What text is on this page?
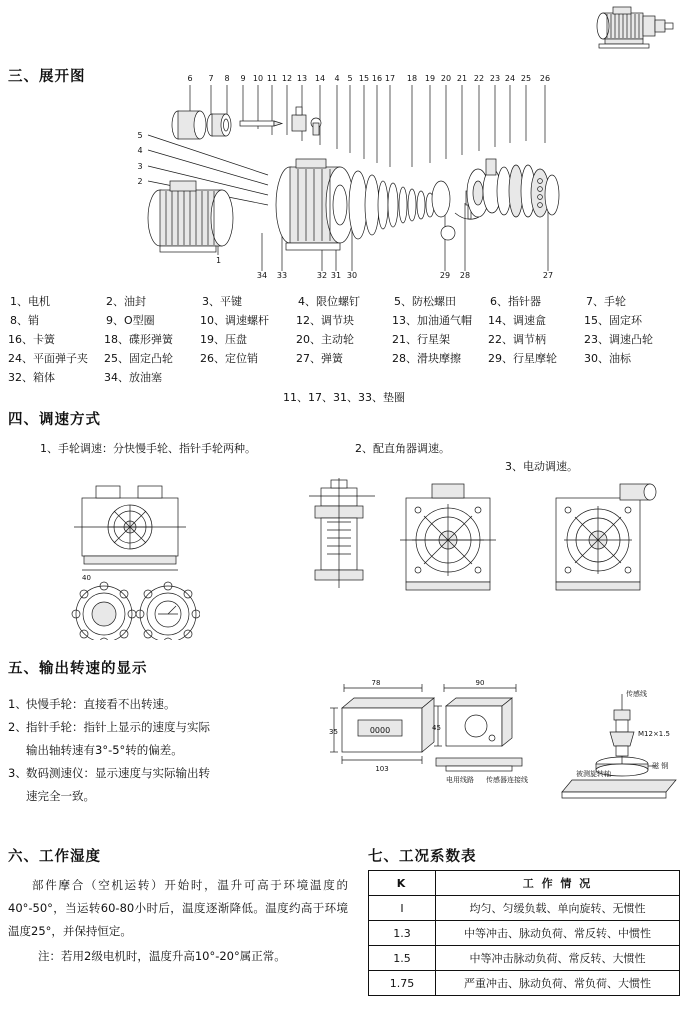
三、展开图	6 7 8 9 10 11 12 13 14 4 5 15 16 17 18 19 20 21 22 23 24 25 26
5
4
3
2
34 33	32 31 30	29 28	27
1
1、电机	2、油封	3、平键	4、限位螺钉	5、防松螺田	6、指针器	7、手轮
8、销	9、O型圈	10、调速螺杆	12、调节块	13、加油通气帽	14、调速盒	15、固定环
16、卡簧	18、碟形弹簧	19、压盘	20、主动轮	21、行星架	22、调节柄	23、调速凸轮
24、平面弹子夹	25、固定凸轮	26、定位销	27、弹簧	28、滑块摩擦	29、行星摩轮	30、油标
32、箱体	34、放油塞
11、17、31、33、垫圈
四、调速方式
1、手轮调速：分快慢手轮、指针手轮两种。	2、配直角器调速。
3、电动调速。
40
五、输出转速的显示
1、 快慢手轮：直接看不出转速。
2、 指针手轮：指针上显示的速度与实际
输出轴转速有3°-5°转的偏差。
3、 数码测速仪：显示速度与实际输出转
速完全一致。
78	90
0000
103
35	45
电用线路 传感器连接线
传感线
M12×1.5
被测旋转轴
磁 钢
六、工作湿度
部件摩合（空机运转）开始时，温升可高于环境温度的40°-50°，当运转60-80小时后，温度逐渐降低。温度约高于环境温度25°，并保持恒定。
注：若用2级电机时，温度升高10°-20°属正常。
七、工况系数表
K	工 作 情 况
I	均匀、匀缓负载、单向旋转、无惯性
1.3	中等冲击、脉动负荷、常反转、中惯性
1.5	中等冲击脉动负荷、常反转、大惯性
1.75	严重冲击、脉动负荷、常负荷、大惯性
